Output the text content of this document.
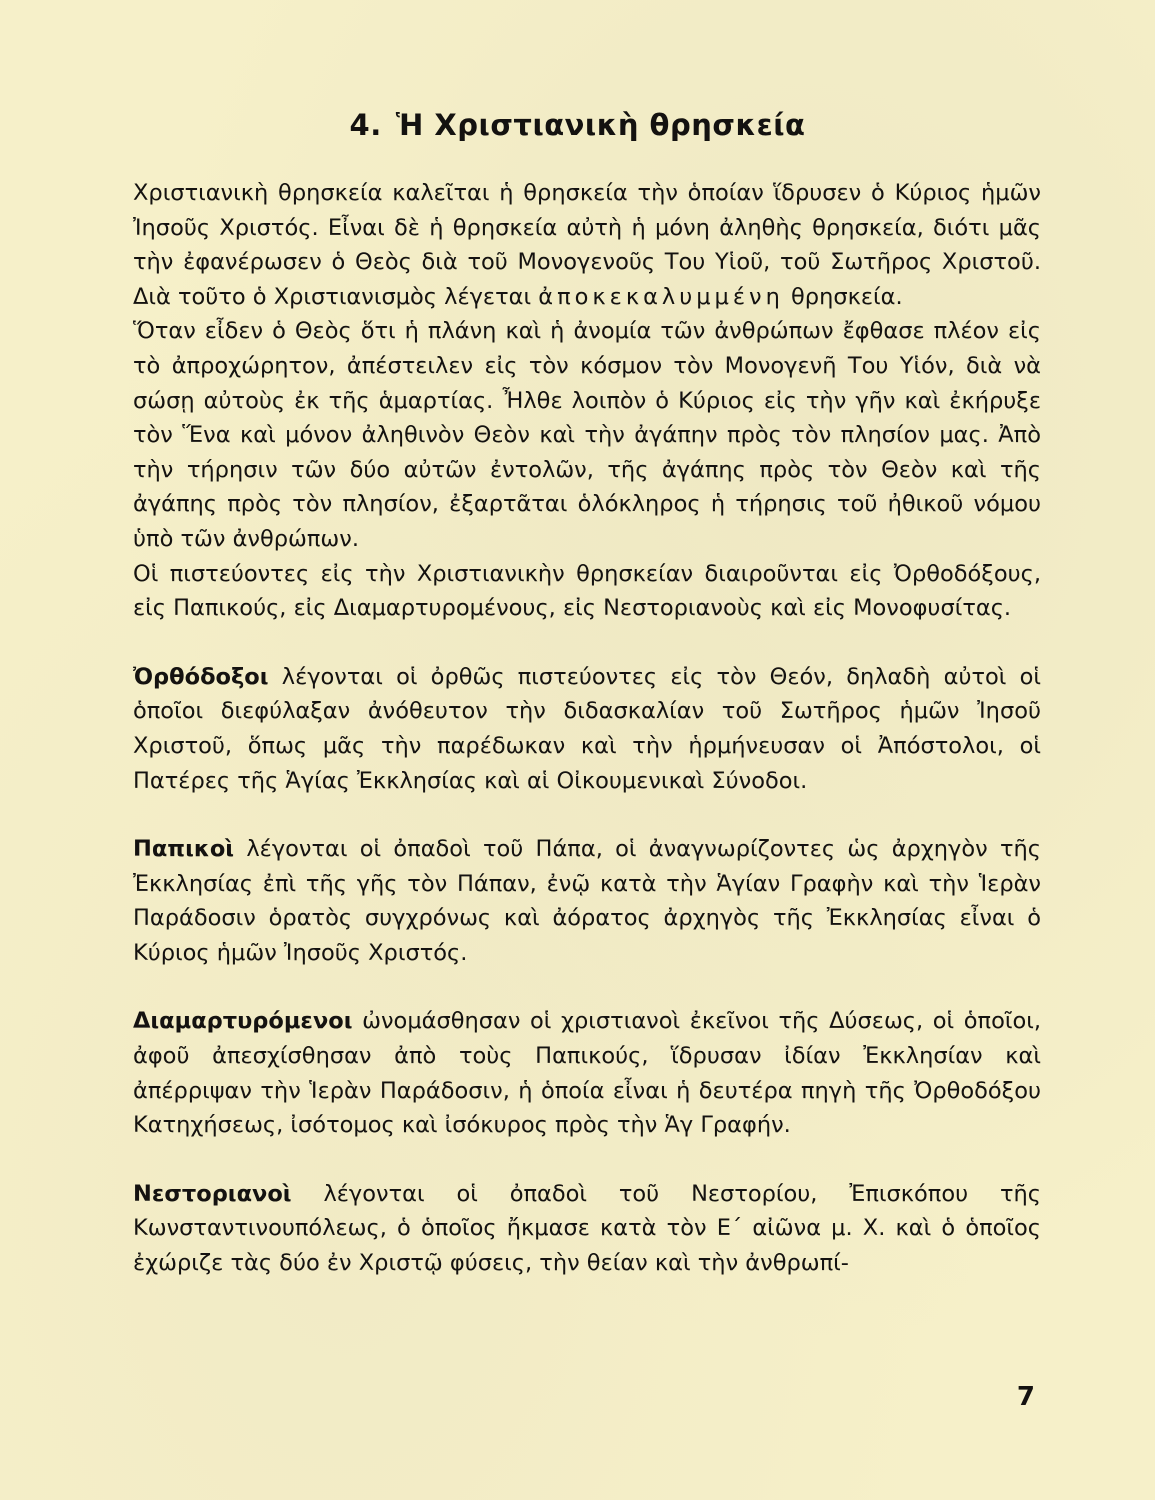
4. Ἡ Χριστιανικὴ θρησκεία

Χριστιανικὴ θρησκεία καλεῖται ἡ θρησκεία τὴν ὁποίαν ἵδρυσεν ὁ Κύριος ἡμῶν Ἰησοῦς Χριστός. Εἶναι δὲ ἡ θρησκεία αὐτὴ ἡ μόνη ἀληθὴς θρησκεία, διότι μᾶς τὴν ἐφανέρωσεν ὁ Θεὸς διὰ τοῦ Μονογενοῦς Του Υἱοῦ, τοῦ Σωτῆρος Χριστοῦ. Διὰ τοῦτο ὁ Χριστιανισμὸς λέγεται ἀποκεκαλυμμένη θρησκεία.

Ὅταν εἶδεν ὁ Θεὸς ὅτι ἡ πλάνη καὶ ἡ ἀνομία τῶν ἀνθρώπων ἔφθασε πλέον εἰς τὸ ἀπροχώρητον, ἀπέστειλεν εἰς τὸν κόσμον τὸν Μονογενῆ Του Υἱόν, διὰ νὰ σώσῃ αὐτοὺς ἐκ τῆς ἁμαρτίας. Ἦλθε λοιπὸν ὁ Κύριος εἰς τὴν γῆν καὶ ἐκήρυξε τὸν Ἕνα καὶ μόνον ἀληθινὸν Θεὸν καὶ τὴν ἀγάπην πρὸς τὸν πλησίον μας. Ἀπὸ τὴν τήρησιν τῶν δύο αὐτῶν ἐντολῶν, τῆς ἀγάπης πρὸς τὸν Θεὸν καὶ τῆς ἀγάπης πρὸς τὸν πλησίον, ἐξαρτᾶται ὁλόκληρος ἡ τήρησις τοῦ ἠθικοῦ νόμου ὑπὸ τῶν ἀνθρώπων.

Οἱ πιστεύοντες εἰς τὴν Χριστιανικὴν θρησκείαν διαιροῦνται εἰς Ὀρθοδόξους, εἰς Παπικούς, εἰς Διαμαρτυρομένους, εἰς Νεστοριανοὺς καὶ εἰς Μονοφυσίτας.

Ὀρθόδοξοι λέγονται οἱ ὀρθῶς πιστεύοντες εἰς τὸν Θεόν, δηλαδὴ αὐτοὶ οἱ ὁποῖοι διεφύλαξαν ἀνόθευτον τὴν διδασκαλίαν τοῦ Σωτῆρος ἡμῶν Ἰησοῦ Χριστοῦ, ὅπως μᾶς τὴν παρέδωκαν καὶ τὴν ἡρμήνευσαν οἱ Ἀπόστολοι, οἱ Πατέρες τῆς Ἁγίας Ἐκκλησίας καὶ αἱ Οἰκουμενικαὶ Σύνοδοι.

Παπικοὶ λέγονται οἱ ὀπαδοὶ τοῦ Πάπα, οἱ ἀναγνωρίζοντες ὡς ἀρχηγὸν τῆς Ἐκκλησίας ἐπὶ τῆς γῆς τὸν Πάπαν, ἐνῷ κατὰ τὴν Ἁγίαν Γραφὴν καὶ τὴν Ἱερὰν Παράδοσιν ὁρατὸς συγχρόνως καὶ ἀόρατος ἀρχηγὸς τῆς Ἐκκλησίας εἶναι ὁ Κύριος ἡμῶν Ἰησοῦς Χριστός.

Διαμαρτυρόμενοι ὠνομάσθησαν οἱ χριστιανοὶ ἐκεῖνοι τῆς Δύσεως, οἱ ὁποῖοι, ἀφοῦ ἀπεσχίσθησαν ἀπὸ τοὺς Παπικούς, ἵδρυσαν ἰδίαν Ἐκκλησίαν καὶ ἀπέρριψαν τὴν Ἱερὰν Παράδοσιν, ἡ ὁποία εἶναι ἡ δευτέρα πηγὴ τῆς Ὀρθοδόξου Κατηχήσεως, ἰσότομος καὶ ἰσόκυρος πρὸς τὴν Ἁγ Γραφήν.

Νεστοριανοὶ λέγονται οἱ ὀπαδοὶ τοῦ Νεστορίου, Ἐπισκόπου τῆς Κωνσταντινουπόλεως, ὁ ὁποῖος ἤκμασε κατὰ τὸν Ε΄ αἰῶνα μ. Χ. καὶ ὁ ὁποῖος ἐχώριζε τὰς δύο ἐν Χριστῷ φύσεις, τὴν θείαν καὶ τὴν ἀνθρωπί-

7
